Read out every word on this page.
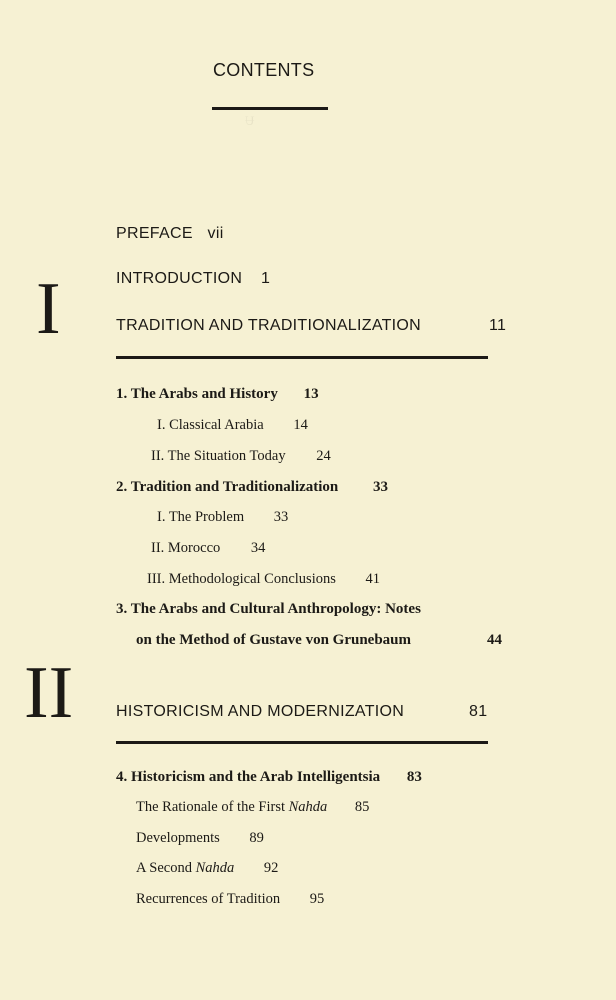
Ʉ
CONTENTS
PREFACE vii
INTRODUCTION 1
I	TRADITION AND TRADITIONALIZATION	11
1. The Arabs and History 13
I. Classical Arabia 14
II. The Situation Today 24
2. Tradition and Traditionalization 33
I. The Problem 33
II. Morocco 34
III. Methodological Conclusions 41
3. The Arabs and Cultural Anthropology: Notes
on the Method of Gustave von Grunebaum	44
II	HISTORICISM AND MODERNIZATION	81
4. Historicism and the Arab Intelligentsia 83
The Rationale of the First Nahda 85
Developments 89
A Second Nahda 92
Recurrences of Tradition 95
